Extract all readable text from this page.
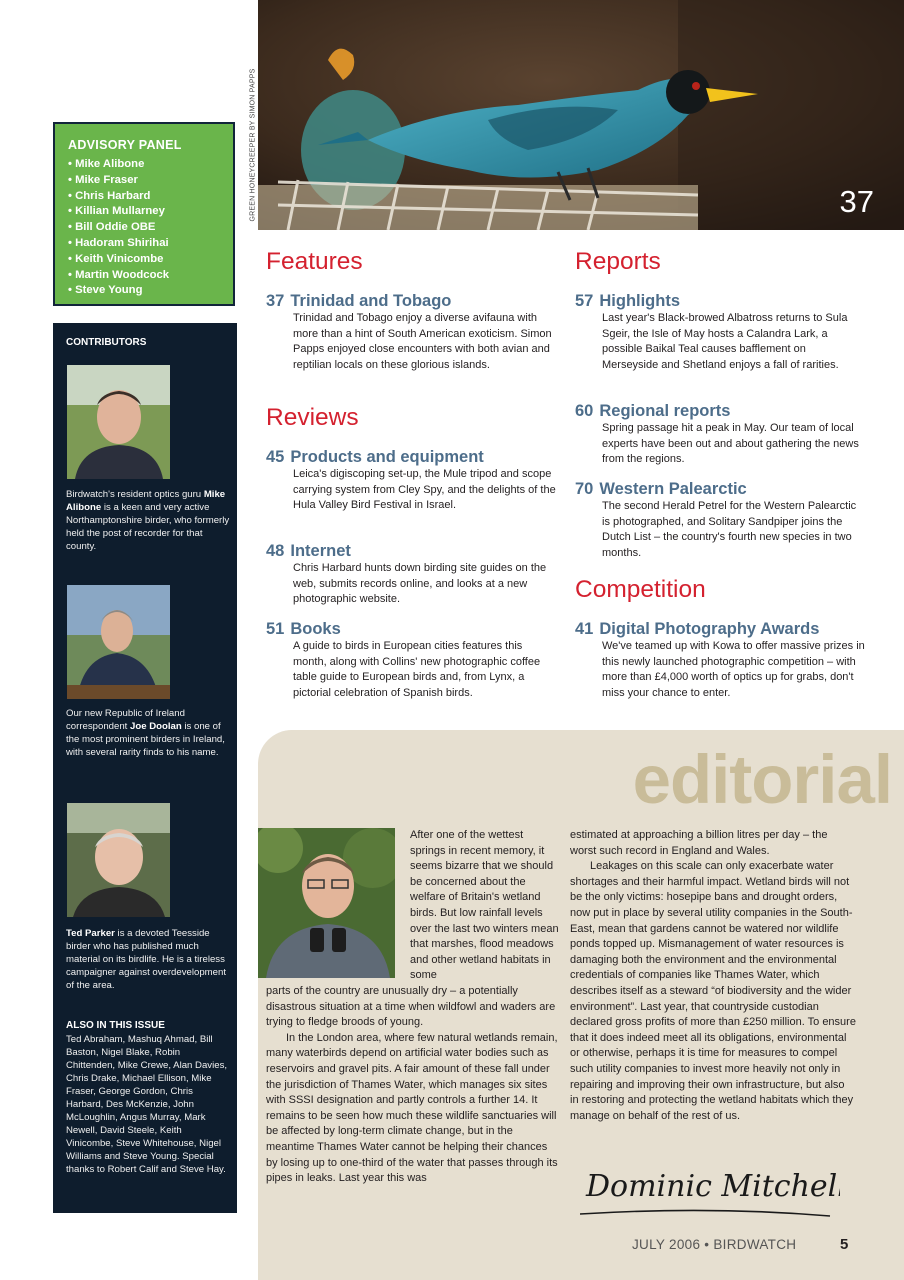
37
GREEN HONEYCREEPER BY SIMON PAPPS
ADVISORY PANEL
• Mike Alibone
• Mike Fraser
• Chris Harbard
• Killian Mullarney
• Bill Oddie OBE
• Hadoram Shirihai
• Keith Vinicombe
• Martin Woodcock
• Steve Young
CONTRIBUTORS
Birdwatch's resident optics guru Mike Alibone is a keen and very active Northamptonshire birder, who formerly held the post of recorder for that county.
Our new Republic of Ireland correspondent Joe Doolan is one of the most prominent birders in Ireland, with several rarity finds to his name.
Ted Parker is a devoted Teesside birder who has published much material on its birdlife. He is a tireless campaigner against overdevelopment of the area.
ALSO IN THIS ISSUE
Ted Abraham, Mashuq Ahmad, Bill Baston, Nigel Blake, Robin Chittenden, Mike Crewe, Alan Davies, Chris Drake, Michael Ellison, Mike Fraser, George Gordon, Chris Harbard, Des McKenzie, John McLoughlin, Angus Murray, Mark Newell, David Steele, Keith Vinicombe, Steve Whitehouse, Nigel Williams and Steve Young. Special thanks to Robert Calif and Steve Hay.
Features
37 Trinidad and Tobago

Trinidad and Tobago enjoy a diverse avifauna with more than a hint of South American exoticism. Simon Papps enjoyed close encounters with both avian and reptilian locals on these glorious islands.

Reviews
45 Products and equipment

Leica's digiscoping set-up, the Mule tripod and scope carrying system from Cley Spy, and the delights of the Hula Valley Bird Festival in Israel.

48 Internet

Chris Harbard hunts down birding site guides on the web, submits records online, and looks at a new photographic website.

51 Books

A guide to birds in European cities features this month, along with Collins' new photographic coffee table guide to European birds and, from Lynx, a pictorial celebration of Spanish birds.

Reports
57 Highlights

Last year's Black-browed Albatross returns to Sula Sgeir, the Isle of May hosts a Calandra Lark, a possible Baikal Teal causes bafflement on Merseyside and Shetland enjoys a fall of rarities.

60 Regional reports

Spring passage hit a peak in May. Our team of local experts have been out and about gathering the news from the regions.

70 Western Palearctic

The second Herald Petrel for the Western Palearctic is photographed, and Solitary Sandpiper joins the Dutch List – the country's fourth new species in two months.

Competition
41 Digital Photography Awards

We've teamed up with Kowa to offer massive prizes in this newly launched photographic competition – with more than £4,000 worth of optics up for grabs, don't miss your chance to enter.

editorial
After one of the wettest springs in recent memory, it seems bizarre that we should be concerned about the welfare of Britain's wetland birds. But low rainfall levels over the last two winters mean that marshes, flood meadows and other wetland habitats in some

parts of the country are unusually dry – a potentially disastrous situation at a time when wildfowl and waders are trying to fledge broods of young.

In the London area, where few natural wetlands remain, many waterbirds depend on artificial water bodies such as reservoirs and gravel pits. A fair amount of these fall under the jurisdiction of Thames Water, which manages six sites with SSSI designation and partly controls a further 14. It remains to be seen how much these wildlife sanctuaries will be affected by long-term climate change, but in the meantime Thames Water cannot be helping their chances by losing up to one-third of the water that passes through its pipes in leaks. Last year this was

estimated at approaching a billion litres per day – the worst such record in England and Wales.

Leakages on this scale can only exacerbate water shortages and their harmful impact. Wetland birds will not be the only victims: hosepipe bans and drought orders, now put in place by several utility companies in the South-East, mean that gardens cannot be watered nor wildlife ponds topped up. Mismanagement of water resources is damaging both the environment and the environmental credentials of companies like Thames Water, which describes itself as a steward “of biodiversity and the wider environment”. Last year, that countryside custodian declared gross profits of more than £250 million. To ensure that it does indeed meet all its obligations, environmental or otherwise, perhaps it is time for measures to compel such utility companies to invest more heavily not only in repairing and improving their own infrastructure, but also in restoring and protecting the wetland habitats which they manage on behalf of the rest of us.

Dominic Mitchell
JULY 2006 • BIRDWATCH	5
